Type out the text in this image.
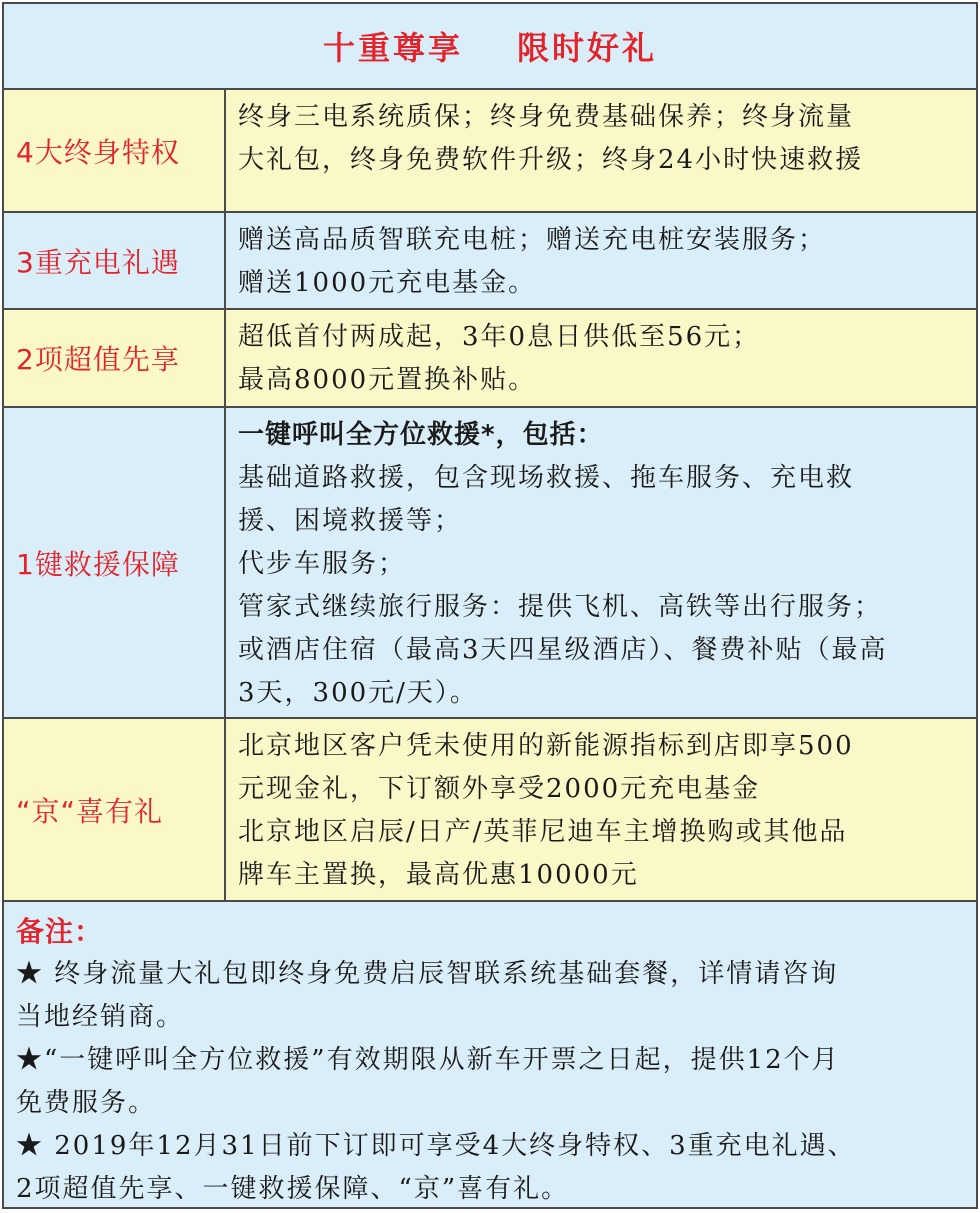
十重尊享 限时好礼
4大终身特权
终身三电系统质保；终身免费基础保养；终身流量
大礼包，终身免费软件升级；终身24小时快速救援
3重充电礼遇
赠送高品质智联充电桩；赠送充电桩安装服务；
赠送1000元充电基金。
2项超值先享
超低首付两成起，3年0息日供低至56元；
最高8000元置换补贴。
1键救援保障
一键呼叫全方位救援*，包括：
基础道路救援，包含现场救援、拖车服务、充电救
援、困境救援等；
代步车服务；
管家式继续旅行服务：提供飞机、高铁等出行服务；
或酒店住宿（最高3天四星级酒店）、餐费补贴（最高
3天，300元/天）。
“京“喜有礼
北京地区客户凭未使用的新能源指标到店即享500
元现金礼，下订额外享受2000元充电基金
北京地区启辰/日产/英菲尼迪车主增换购或其他品
牌车主置换，最高优惠10000元
备注：
★ 终身流量大礼包即终身免费启辰智联系统基础套餐，详情请咨询
当地经销商。
★“一键呼叫全方位救援”有效期限从新车开票之日起，提供12个月
免费服务。
★ 2019年12月31日前下订即可享受4大终身特权、3重充电礼遇、
2项超值先享、一键救援保障、“京”喜有礼。
